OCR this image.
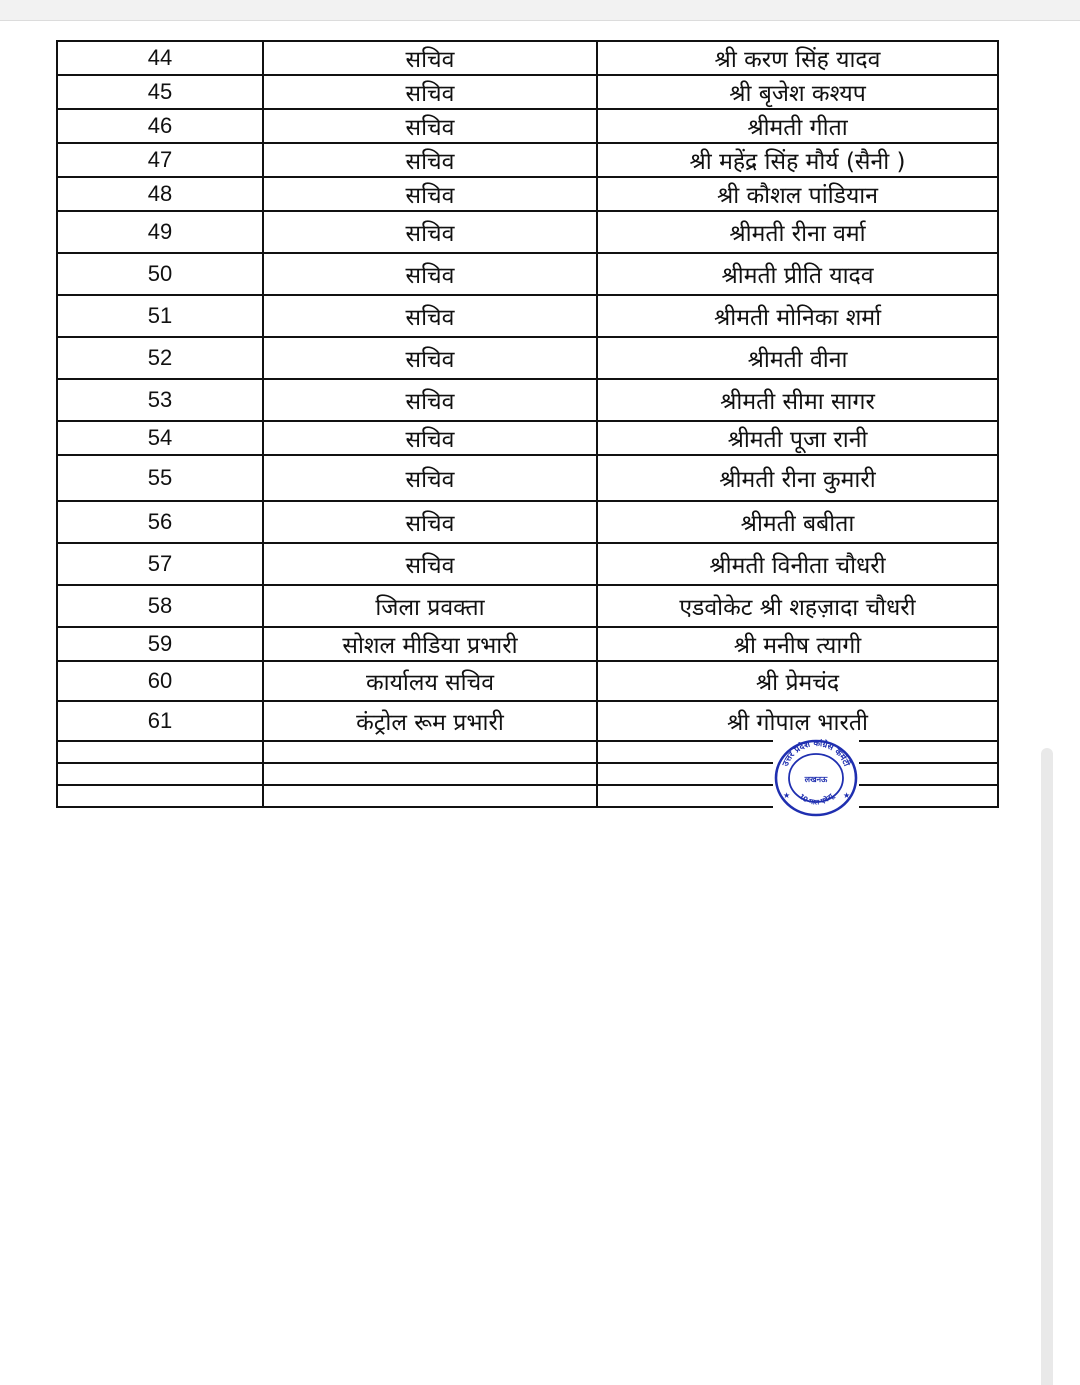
44	सचिव	श्री करण सिंह यादव
45	सचिव	श्री बृजेश कश्यप
46	सचिव	श्रीमती गीता
47	सचिव	श्री महेंद्र सिंह मौर्य (सैनी )
48	सचिव	श्री कौशल पांडियान
49	सचिव	श्रीमती रीना वर्मा
50	सचिव	श्रीमती प्रीति यादव
51	सचिव	श्रीमती मोनिका शर्मा
52	सचिव	श्रीमती वीना
53	सचिव	श्रीमती सीमा सागर
54	सचिव	श्रीमती पूजा रानी
55	सचिव	श्रीमती रीना कुमारी
56	सचिव	श्रीमती बबीता
57	सचिव	श्रीमती विनीता चौधरी
58	जिला प्रवक्ता	एडवोकेट श्री शहज़ादा चौधरी
59	सोशल मीडिया प्रभारी	श्री मनीष त्यागी
60	कार्यालय सचिव	श्री प्रेमचंद
61	कंट्रोल रूम प्रभारी	श्री गोपाल भारती

उत्तर प्रदेश कांग्रेस कमेटी
लखनऊ
10 माल एवेन्यू
★	★
